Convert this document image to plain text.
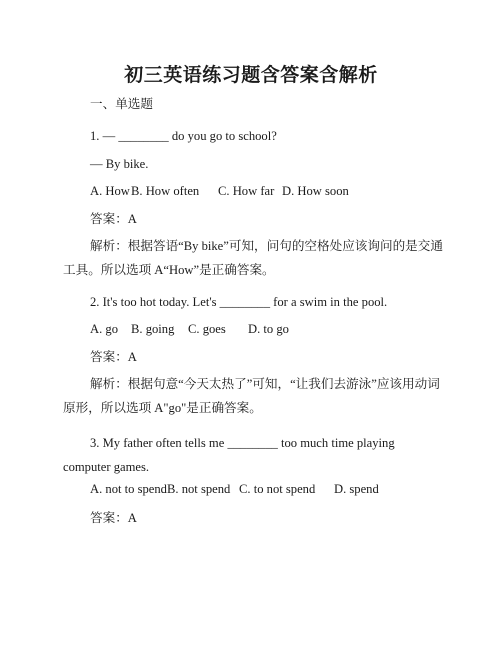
初三英语练习题含答案含解析
一、单选题
1. — ________ do you go to school?
— By bike.
A. HowB. How often C. How far D. How soon
答案：A
解析：根据答语“By bike”可知，问句的空格处应该询问的是交通工具。所以选项 A“How”是正确答案。
2. It's too hot today. Let's ________ for a swim in the pool.
A. go B. going C. goes D. to go
答案：A
解析：根据句意“今天太热了”可知，“让我们去游泳”应该用动词原形，所以选项 A"go"是正确答案。
3. My father often tells me ________ too much time playing computer games.
A. not to spendB. not spend C. to not spend D. spend
答案：A
